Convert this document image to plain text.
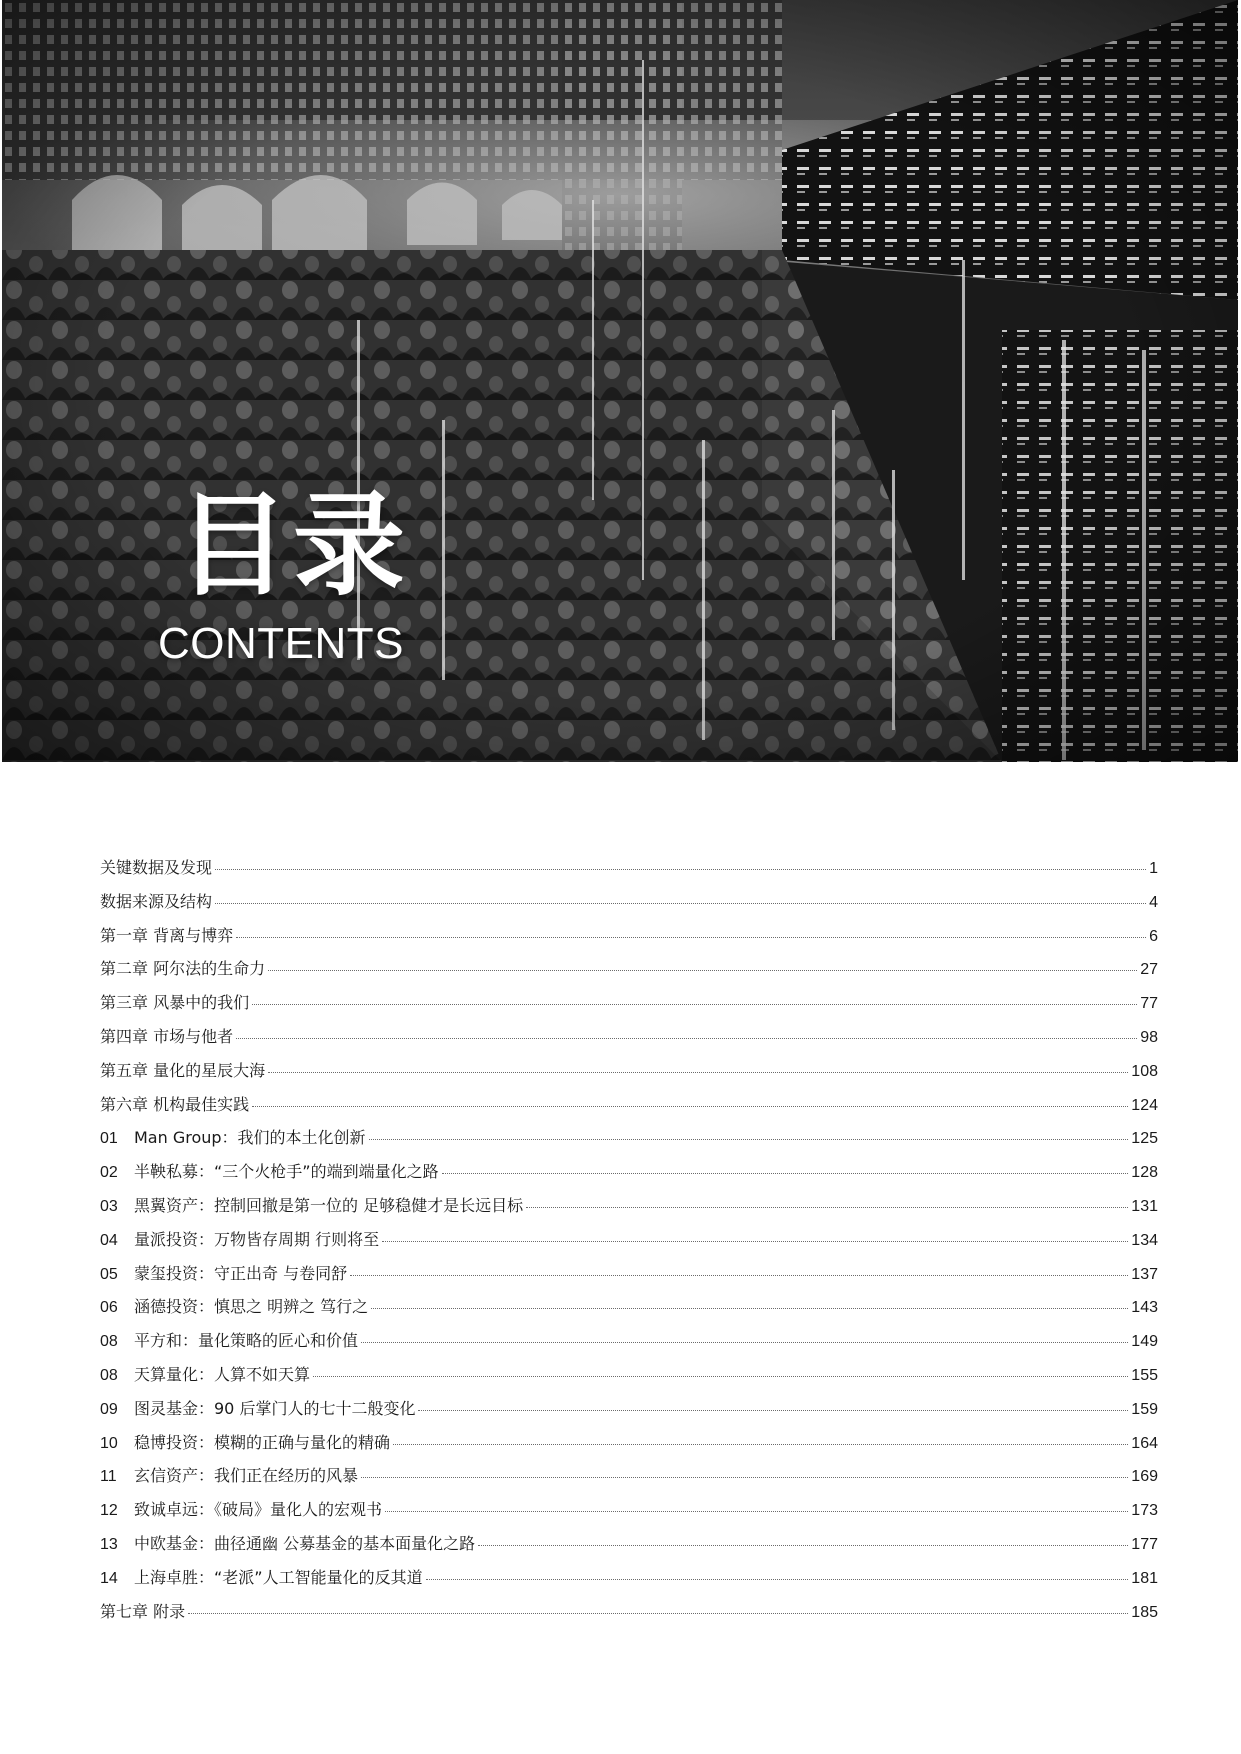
目录

CONTENTS

关键数据及发现	1
数据来源及结构	4
第一章 背离与博弈	6
第二章 阿尔法的生命力	27
第三章 风暴中的我们	77
第四章 市场与他者	98
第五章 量化的星辰大海	108
第六章 机构最佳实践	124
01	Man Group：我们的本土化创新	125
02	半鞅私募：“三个火枪手”的端到端量化之路	128
03	黑翼资产：控制回撤是第一位的 足够稳健才是长远目标	131
04	量派投资：万物皆存周期 行则将至	134
05	蒙玺投资：守正出奇 与卷同舒	137
06	涵德投资：慎思之 明辨之 笃行之	143
08	平方和：量化策略的匠心和价值	149
08	天算量化：人算不如天算	155
09	图灵基金：90 后掌门人的七十二般变化	159
10	稳博投资：模糊的正确与量化的精确	164
11	玄信资产：我们正在经历的风暴	169
12	致诚卓远：《破局》量化人的宏观书	173
13	中欧基金：曲径通幽 公募基金的基本面量化之路	177
14	上海卓胜：“老派”人工智能量化的反其道	181
第七章 附录	185
